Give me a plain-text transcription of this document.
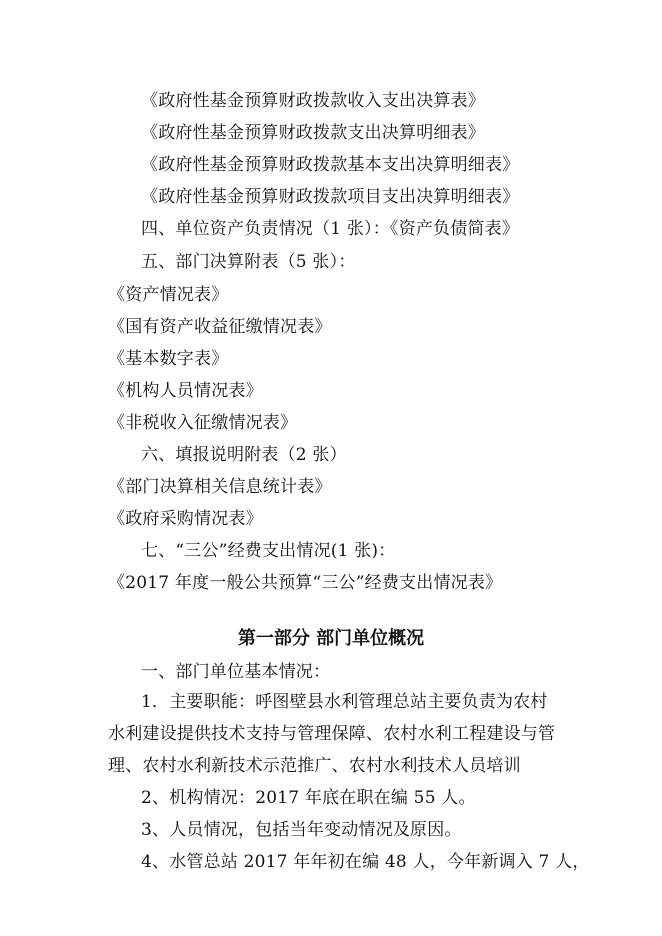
《政府性基金预算财政拨款收入支出决算表》
《政府性基金预算财政拨款支出决算明细表》
《政府性基金预算财政拨款基本支出决算明细表》
《政府性基金预算财政拨款项目支出决算明细表》
四、单位资产负责情况（1 张）：《资产负债简表》
五、部门决算附表（5 张）：
《资产情况表》
《国有资产收益征缴情况表》
《基本数字表》
《机构人员情况表》
《非税收入征缴情况表》
六、填报说明附表（2 张）
《部门决算相关信息统计表》
《政府采购情况表》
七、“三公”经费支出情况(1 张)：
《2017 年度一般公共预算“三公”经费支出情况表》
第一部分 部门单位概况
一、部门单位基本情况：
1．主要职能：呼图壁县水利管理总站主要负责为农村
水利建设提供技术支持与管理保障、农村水利工程建设与管
理、农村水利新技术示范推广、农村水利技术人员培训
2、机构情况：2017 年底在职在编 55 人。
3、人员情况，包括当年变动情况及原因。
4、水管总站 2017 年年初在编 48 人，今年新调入 7 人，
